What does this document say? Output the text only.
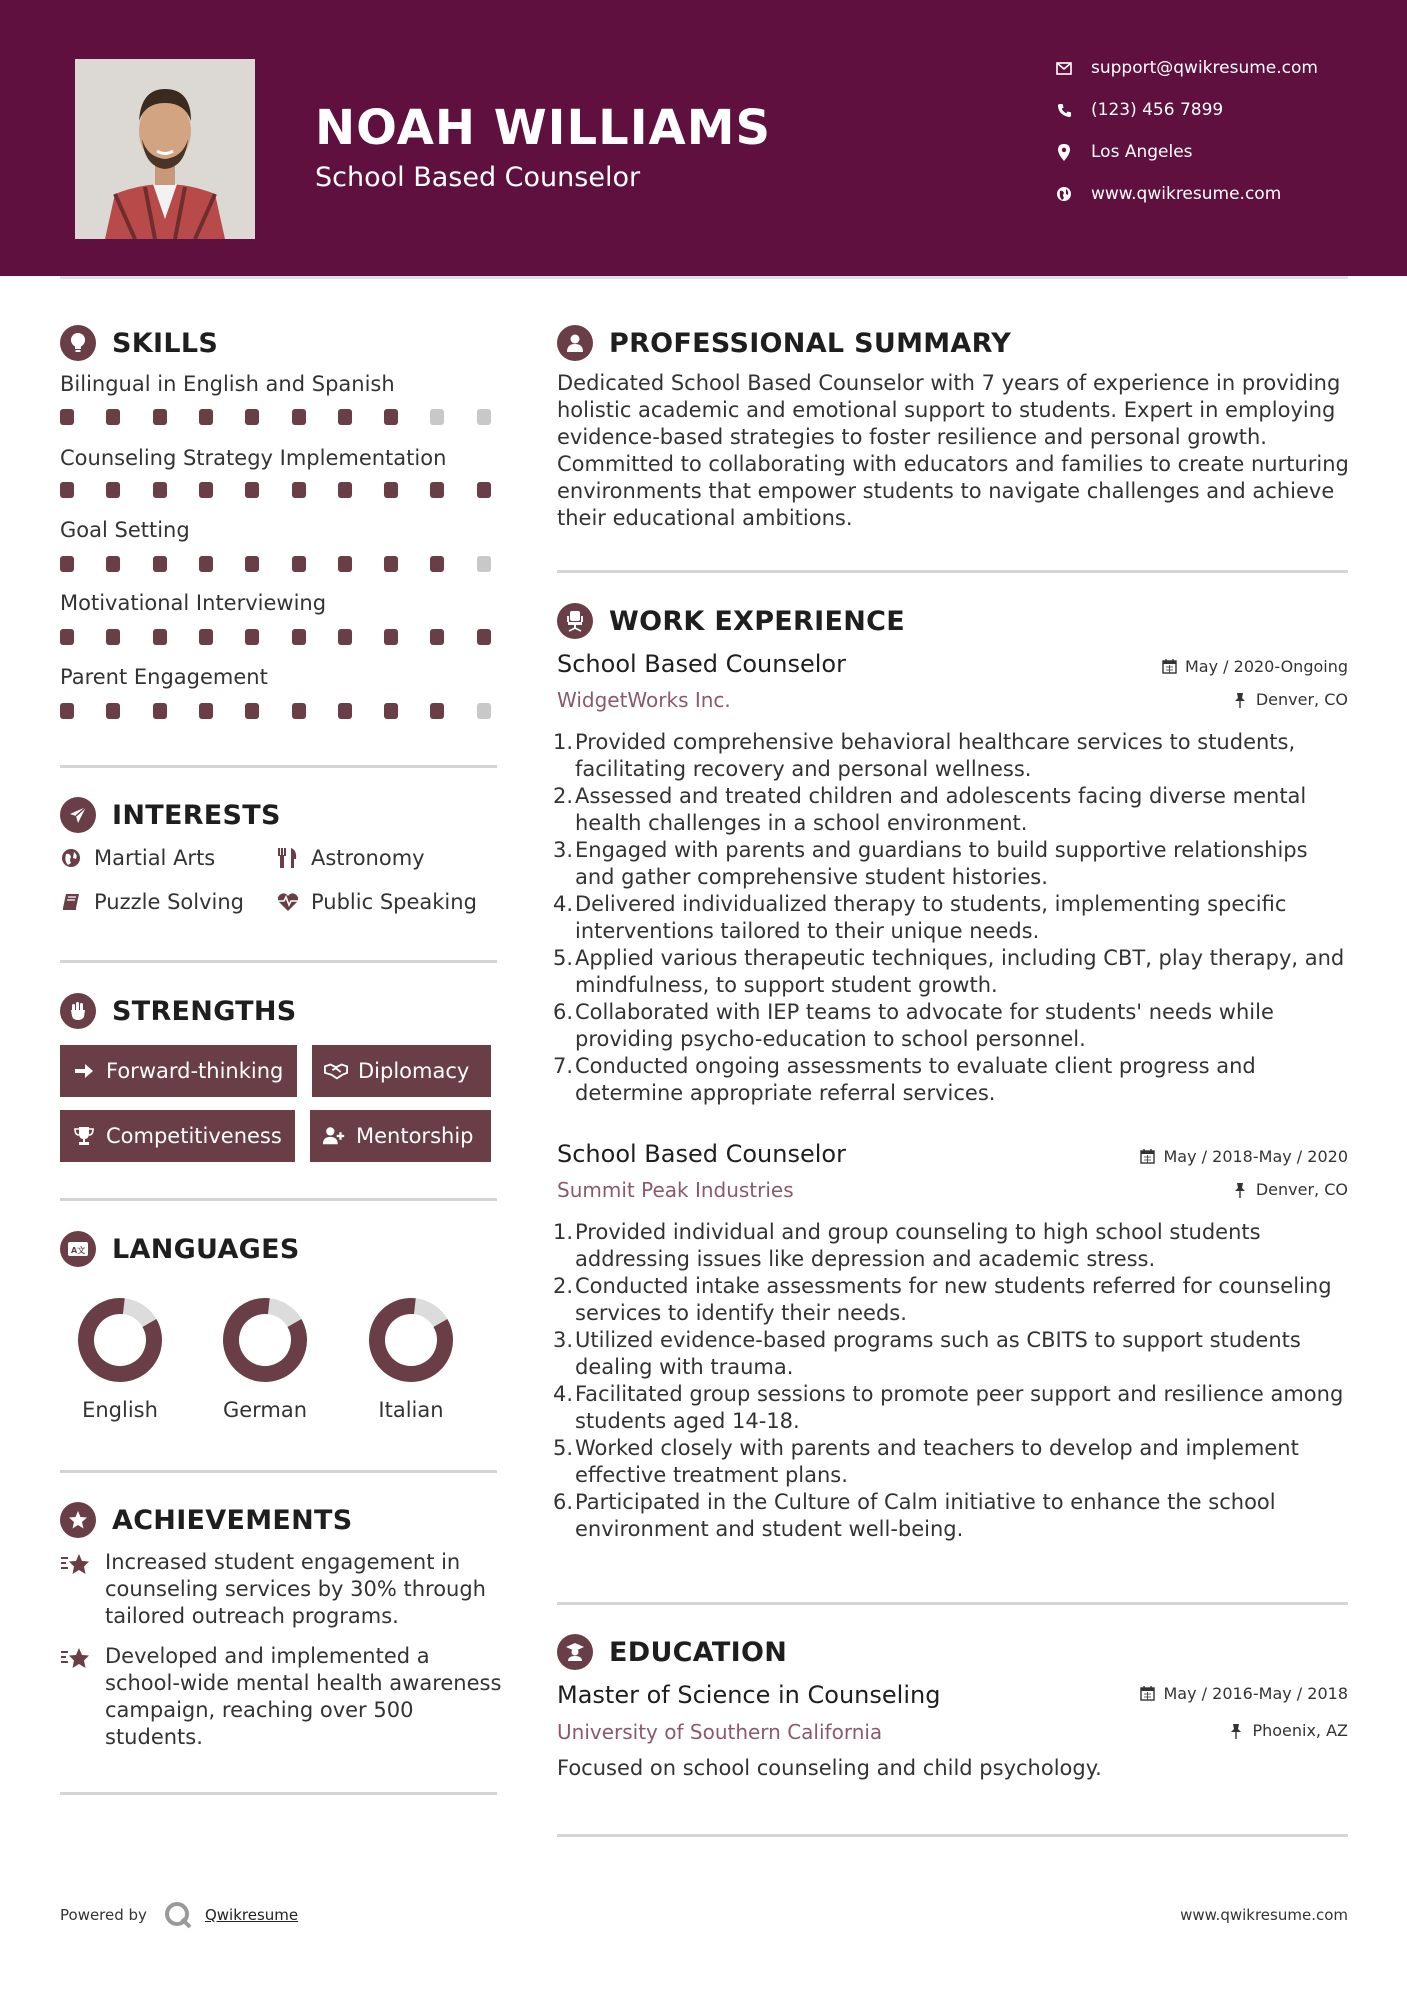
NOAH WILLIAMS
School Based Counselor
support@qwikresume.com
(123) 456 7899
Los Angeles
www.qwikresume.com
SKILLS
Bilingual in English and Spanish
Counseling Strategy Implementation
Goal Setting
Motivational Interviewing
Parent Engagement
INTERESTS
Martial Arts	Astronomy
Puzzle Solving	Public Speaking
STRENGTHS
Forward-thinking	Diplomacy
Competitiveness	Mentorship
A文 LANGUAGES
English	German	Italian
ACHIEVEMENTS
Increased student engagement in counseling services by 30% through tailored outreach programs.
Developed and implemented a school-wide mental health awareness campaign, reaching over 500 students.
PROFESSIONAL SUMMARY
Dedicated School Based Counselor with 7 years of experience in providing holistic academic and emotional support to students. Expert in employing evidence-based strategies to foster resilience and personal growth. Committed to collaborating with educators and families to create nurturing environments that empower students to navigate challenges and achieve their educational ambitions.
WORK EXPERIENCE
School Based Counselor	May / 2020-Ongoing
WidgetWorks Inc.	Denver, CO
1. Provided comprehensive behavioral healthcare services to students, facilitating recovery and personal wellness.
2. Assessed and treated children and adolescents facing diverse mental health challenges in a school environment.
3. Engaged with parents and guardians to build supportive relationships and gather comprehensive student histories.
4. Delivered individualized therapy to students, implementing specific interventions tailored to their unique needs.
5. Applied various therapeutic techniques, including CBT, play therapy, and mindfulness, to support student growth.
6. Collaborated with IEP teams to advocate for students' needs while providing psycho-education to school personnel.
7. Conducted ongoing assessments to evaluate client progress and determine appropriate referral services.
School Based Counselor	May / 2018-May / 2020
Summit Peak Industries	Denver, CO
1. Provided individual and group counseling to high school students addressing issues like depression and academic stress.
2. Conducted intake assessments for new students referred for counseling services to identify their needs.
3. Utilized evidence-based programs such as CBITS to support students dealing with trauma.
4. Facilitated group sessions to promote peer support and resilience among students aged 14-18.
5. Worked closely with parents and teachers to develop and implement effective treatment plans.
6. Participated in the Culture of Calm initiative to enhance the school environment and student well-being.
EDUCATION
Master of Science in Counseling	May / 2016-May / 2018
University of Southern California	Phoenix, AZ
Focused on school counseling and child psychology.
Powered by	Qwikresume	www.qwikresume.com
